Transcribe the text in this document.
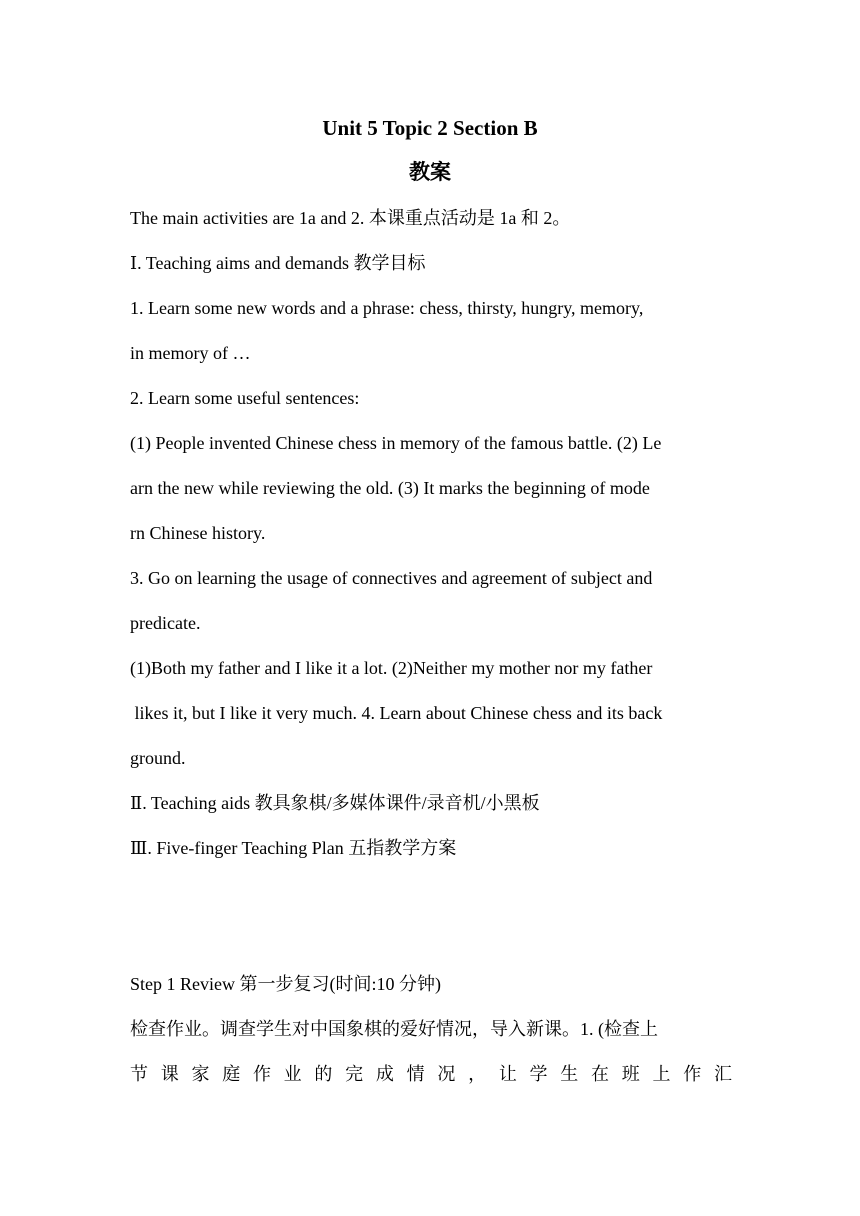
Unit 5 Topic 2 Section B
教案
The main activities are 1a and 2. 本课重点活动是 1a 和 2。
Ⅰ. Teaching aims and demands 教学目标
1. Learn some new words and a phrase: chess, thirsty, hungry, memory,
in memory of …
2. Learn some useful sentences:
(1) People invented Chinese chess in memory of the famous battle. (2) Le
arn the new while reviewing the old. (3) It marks the beginning of mode
rn Chinese history.
3. Go on learning the usage of connectives and agreement of subject and
predicate.
(1)Both my father and I like it a lot. (2)Neither my mother nor my father
likes it, but I like it very much. 4. Learn about Chinese chess and its back
ground.
Ⅱ. Teaching aids 教具象棋/多媒体课件/录音机/小黑板
Ⅲ. Five-finger Teaching Plan 五指教学方案
Step 1 Review 第一步复习(时间:10 分钟)
检查作业。调查学生对中国象棋的爱好情况，导入新课。1. (检查上
节 课 家 庭 作 业 的 完 成 情 况 ， 让 学 生 在 班 上 作 汇
